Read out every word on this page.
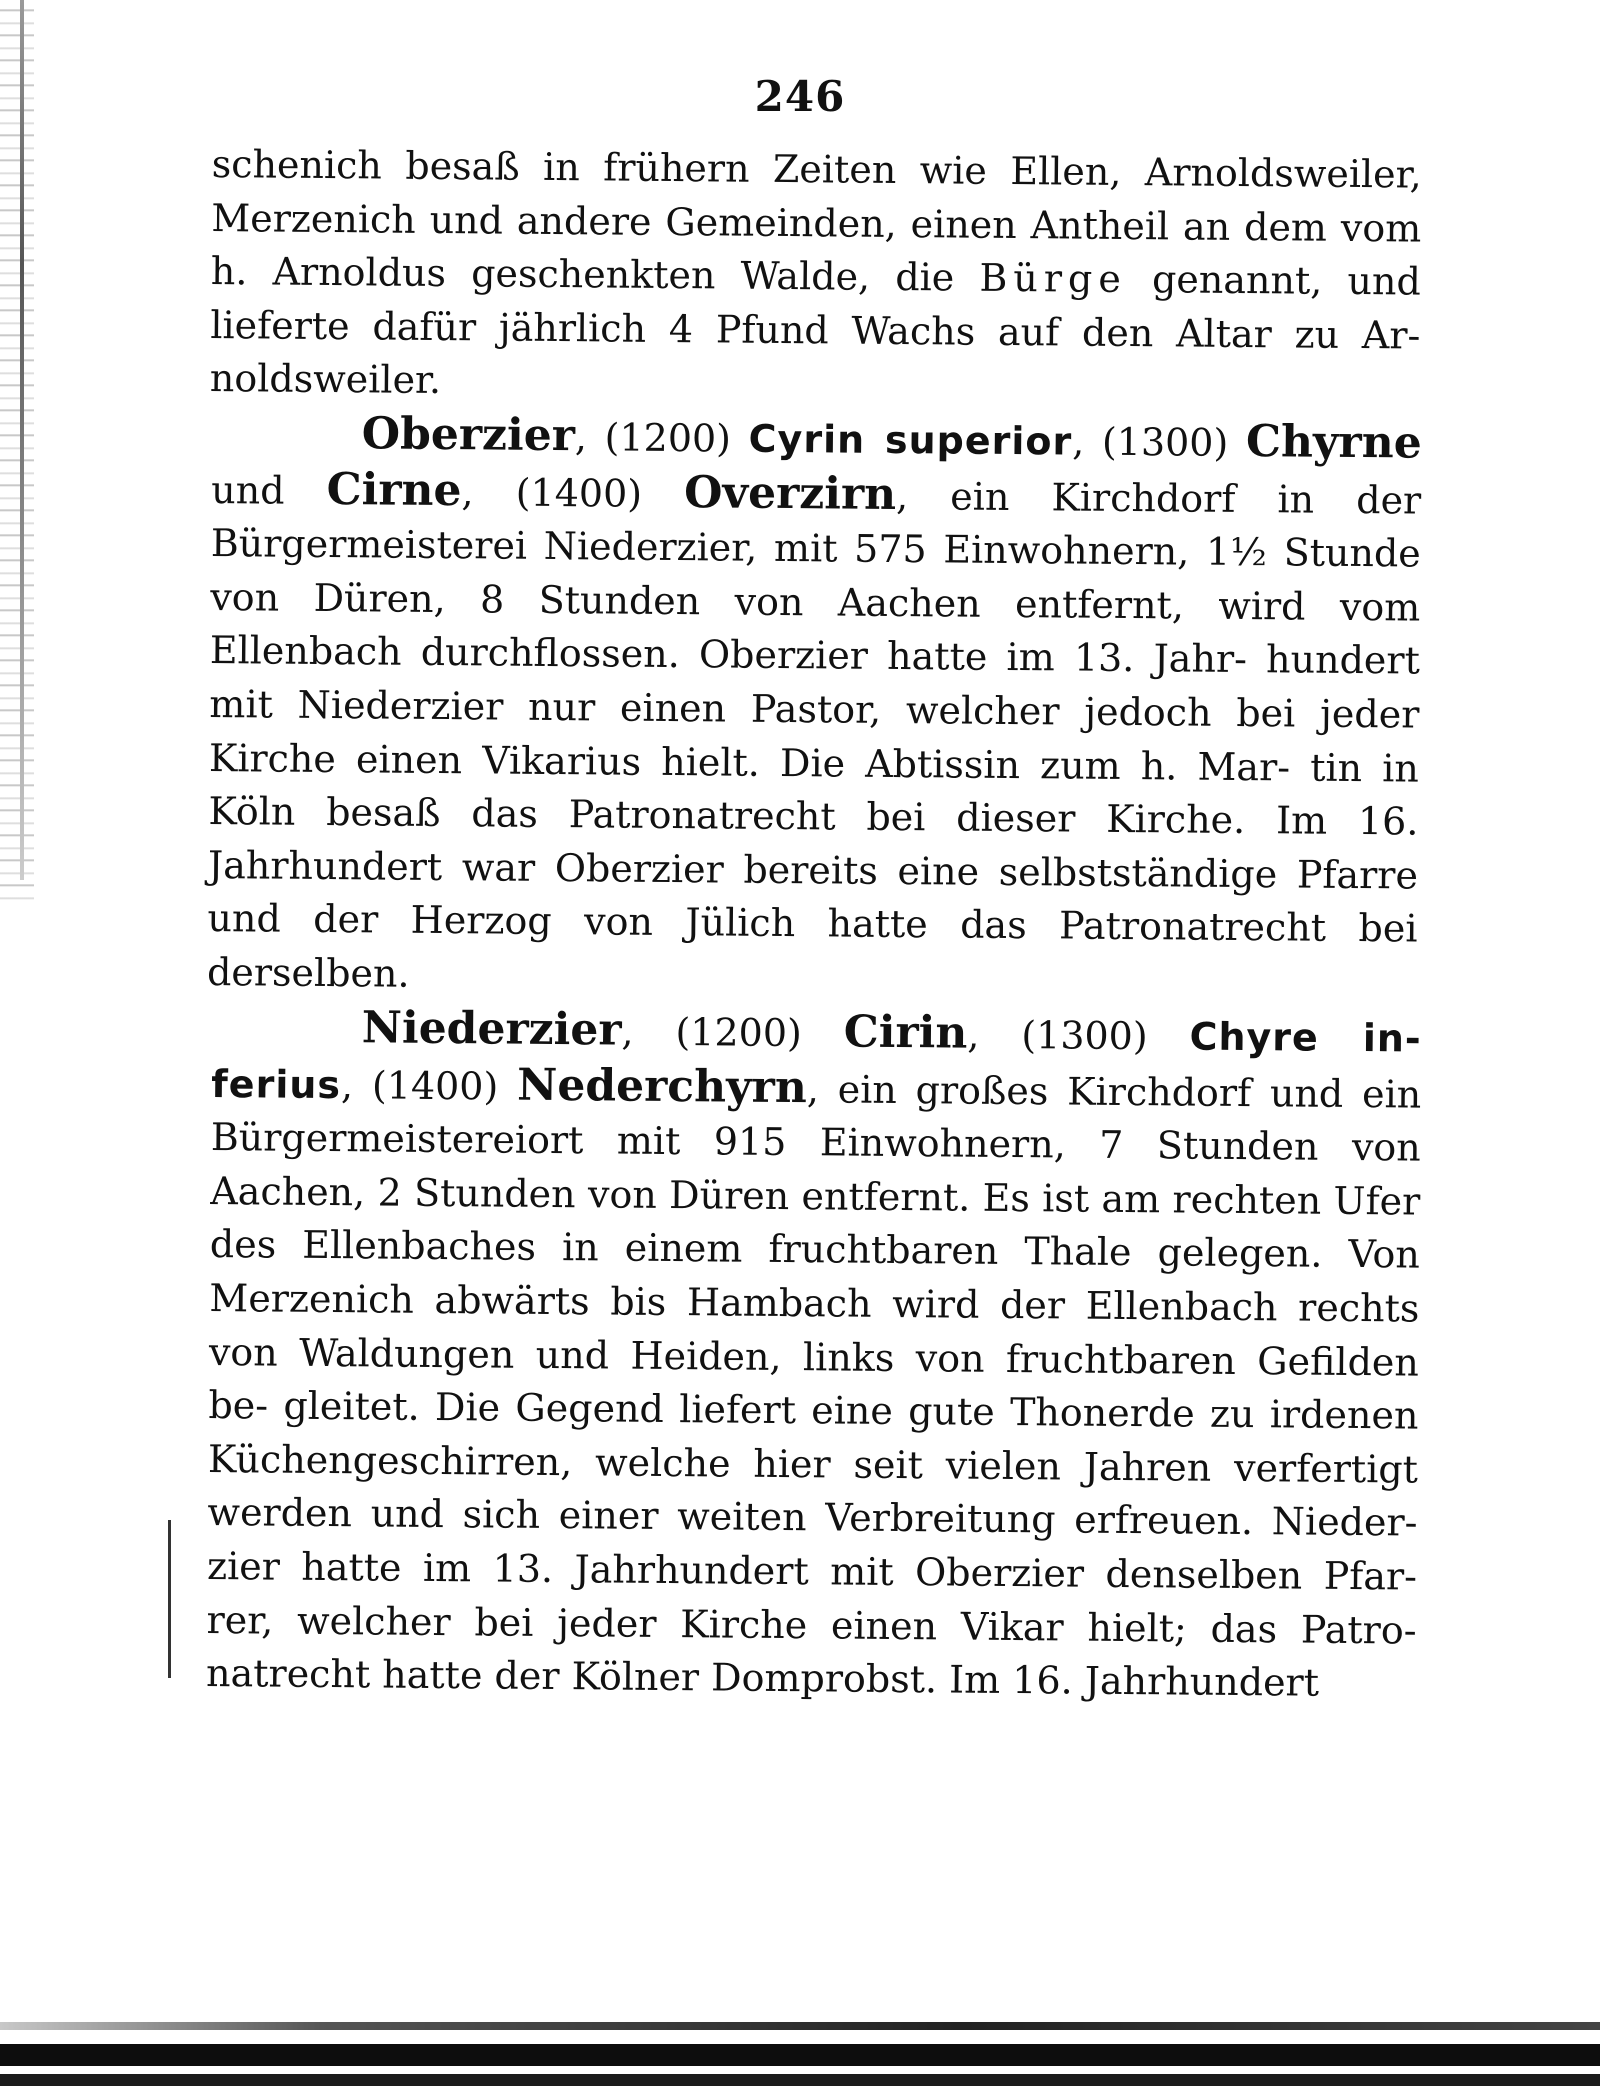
246

schenich besaß in frühern Zeiten wie Ellen, Arnoldsweiler, Merzenich und andere Gemeinden, einen Antheil an dem vom h. Arnoldus geschenkten Walde, die Bürge genannt, und lieferte dafür jährlich 4 Pfund Wachs auf den Altar zu Ar- noldsweiler.

Oberzier, (1200) Cyrin superior, (1300) Chyrne und Cirne, (1400) Overzirn, ein Kirchdorf in der Bürgermeisterei Niederzier, mit 575 Einwohnern, 1½ Stunde von Düren, 8 Stunden von Aachen entfernt, wird vom Ellenbach durchflossen. Oberzier hatte im 13. Jahr- hundert mit Niederzier nur einen Pastor, welcher jedoch bei jeder Kirche einen Vikarius hielt. Die Abtissin zum h. Mar- tin in Köln besaß das Patronatrecht bei dieser Kirche. Im 16. Jahrhundert war Oberzier bereits eine selbstständige Pfarre und der Herzog von Jülich hatte das Patronatrecht bei derselben.

Niederzier, (1200) Cirin, (1300) Chyre in- ferius, (1400) Nederchyrn, ein großes Kirchdorf und ein Bürgermeistereiort mit 915 Einwohnern, 7 Stunden von Aachen, 2 Stunden von Düren entfernt. Es ist am rechten Ufer des Ellenbaches in einem fruchtbaren Thale gelegen. Von Merzenich abwärts bis Hambach wird der Ellenbach rechts von Waldungen und Heiden, links von fruchtbaren Gefilden be- gleitet. Die Gegend liefert eine gute Thonerde zu irdenen Küchengeschirren, welche hier seit vielen Jahren verfertigt werden und sich einer weiten Verbreitung erfreuen. Nieder- zier hatte im 13. Jahrhundert mit Oberzier denselben Pfar- rer, welcher bei jeder Kirche einen Vikar hielt; das Patro- natrecht hatte der Kölner Domprobst. Im 16. Jahrhundert
